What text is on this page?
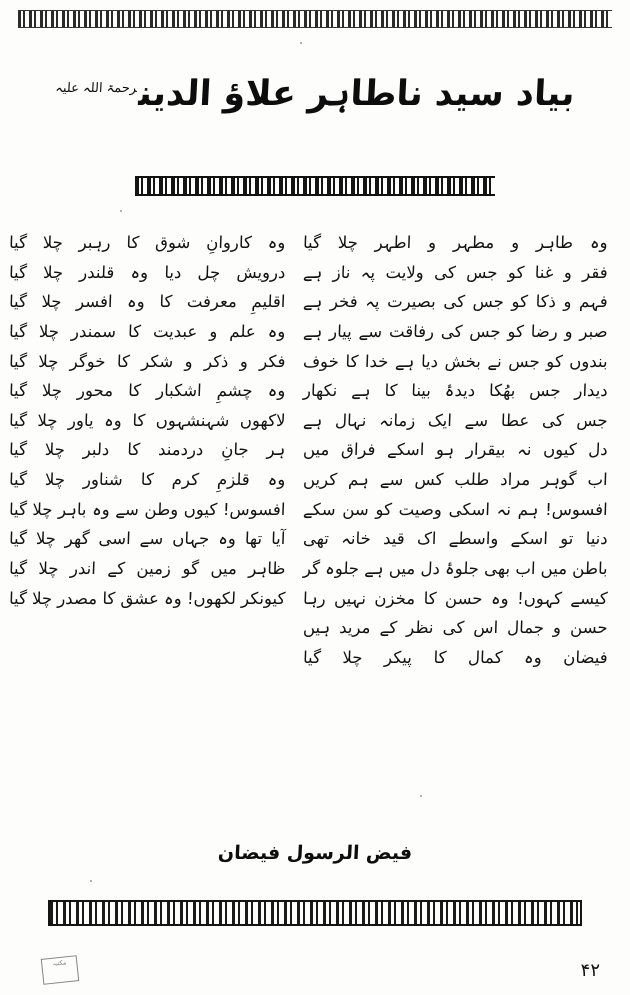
بیاد سید ناطاہر علاؤ الدین$^{رحمۃ اللہ علیہ}$
وہ طاہر و مطہر و اطہر چلا گیا
فقر و غنا کو جس کی ولایت پہ ناز ہے
فہم و ذکا کو جس کی بصیرت پہ فخر ہے
صبر و رضا کو جس کی رفاقت سے پیار ہے
بندوں کو جس نے بخش دیا ہے خدا کا خوف
دیدار جس بھُکا دیدۂ بینا کا ہے نکھار
جس کی عطا سے ایک زمانہ نہال ہے
دل کیوں نہ بیقرار ہو اسکے فراق میں
اب گوہر مراد طلب کس سے ہم کریں
افسوس! ہم نہ اسکی وصیت کو سن سکے
دنیا تو اسکے واسطے اک قید خانہ تھی
باطن میں اب بھی جلوۂ دل میں ہے جلوہ گر
کیسے کہوں! وہ حسن کا مخزن نہیں رہا
حسن و جمال اس کی نظر کے مرید ہیں
فیضان وہ کمال کا پیکر چلا گیا
وہ کاروانِ شوق کا رہبر چلا گیا
درویش چل دیا وہ قلندر چلا گیا
اقلیمِ معرفت کا وہ افسر چلا گیا
وہ علم و عبدیت کا سمندر چلا گیا
فکر و ذکر و شکر کا خوگر چلا گیا
وہ چشمِ اشکبار کا محور چلا گیا
لاکھوں شہنشہوں کا وہ یاور چلا گیا
ہر جانِ دردمند کا دلبر چلا گیا
وہ قلزمِ کرم کا شناور چلا گیا
افسوس! کیوں وطن سے وہ باہر چلا گیا
آیا تھا وہ جہاں سے اسی گھر چلا گیا
ظاہر میں گو زمین کے اندر چلا گیا
کیونکر لکھوں! وہ عشق کا مصدر چلا گیا
فیض الرسول فیضان
۴۲
مکتبہ
